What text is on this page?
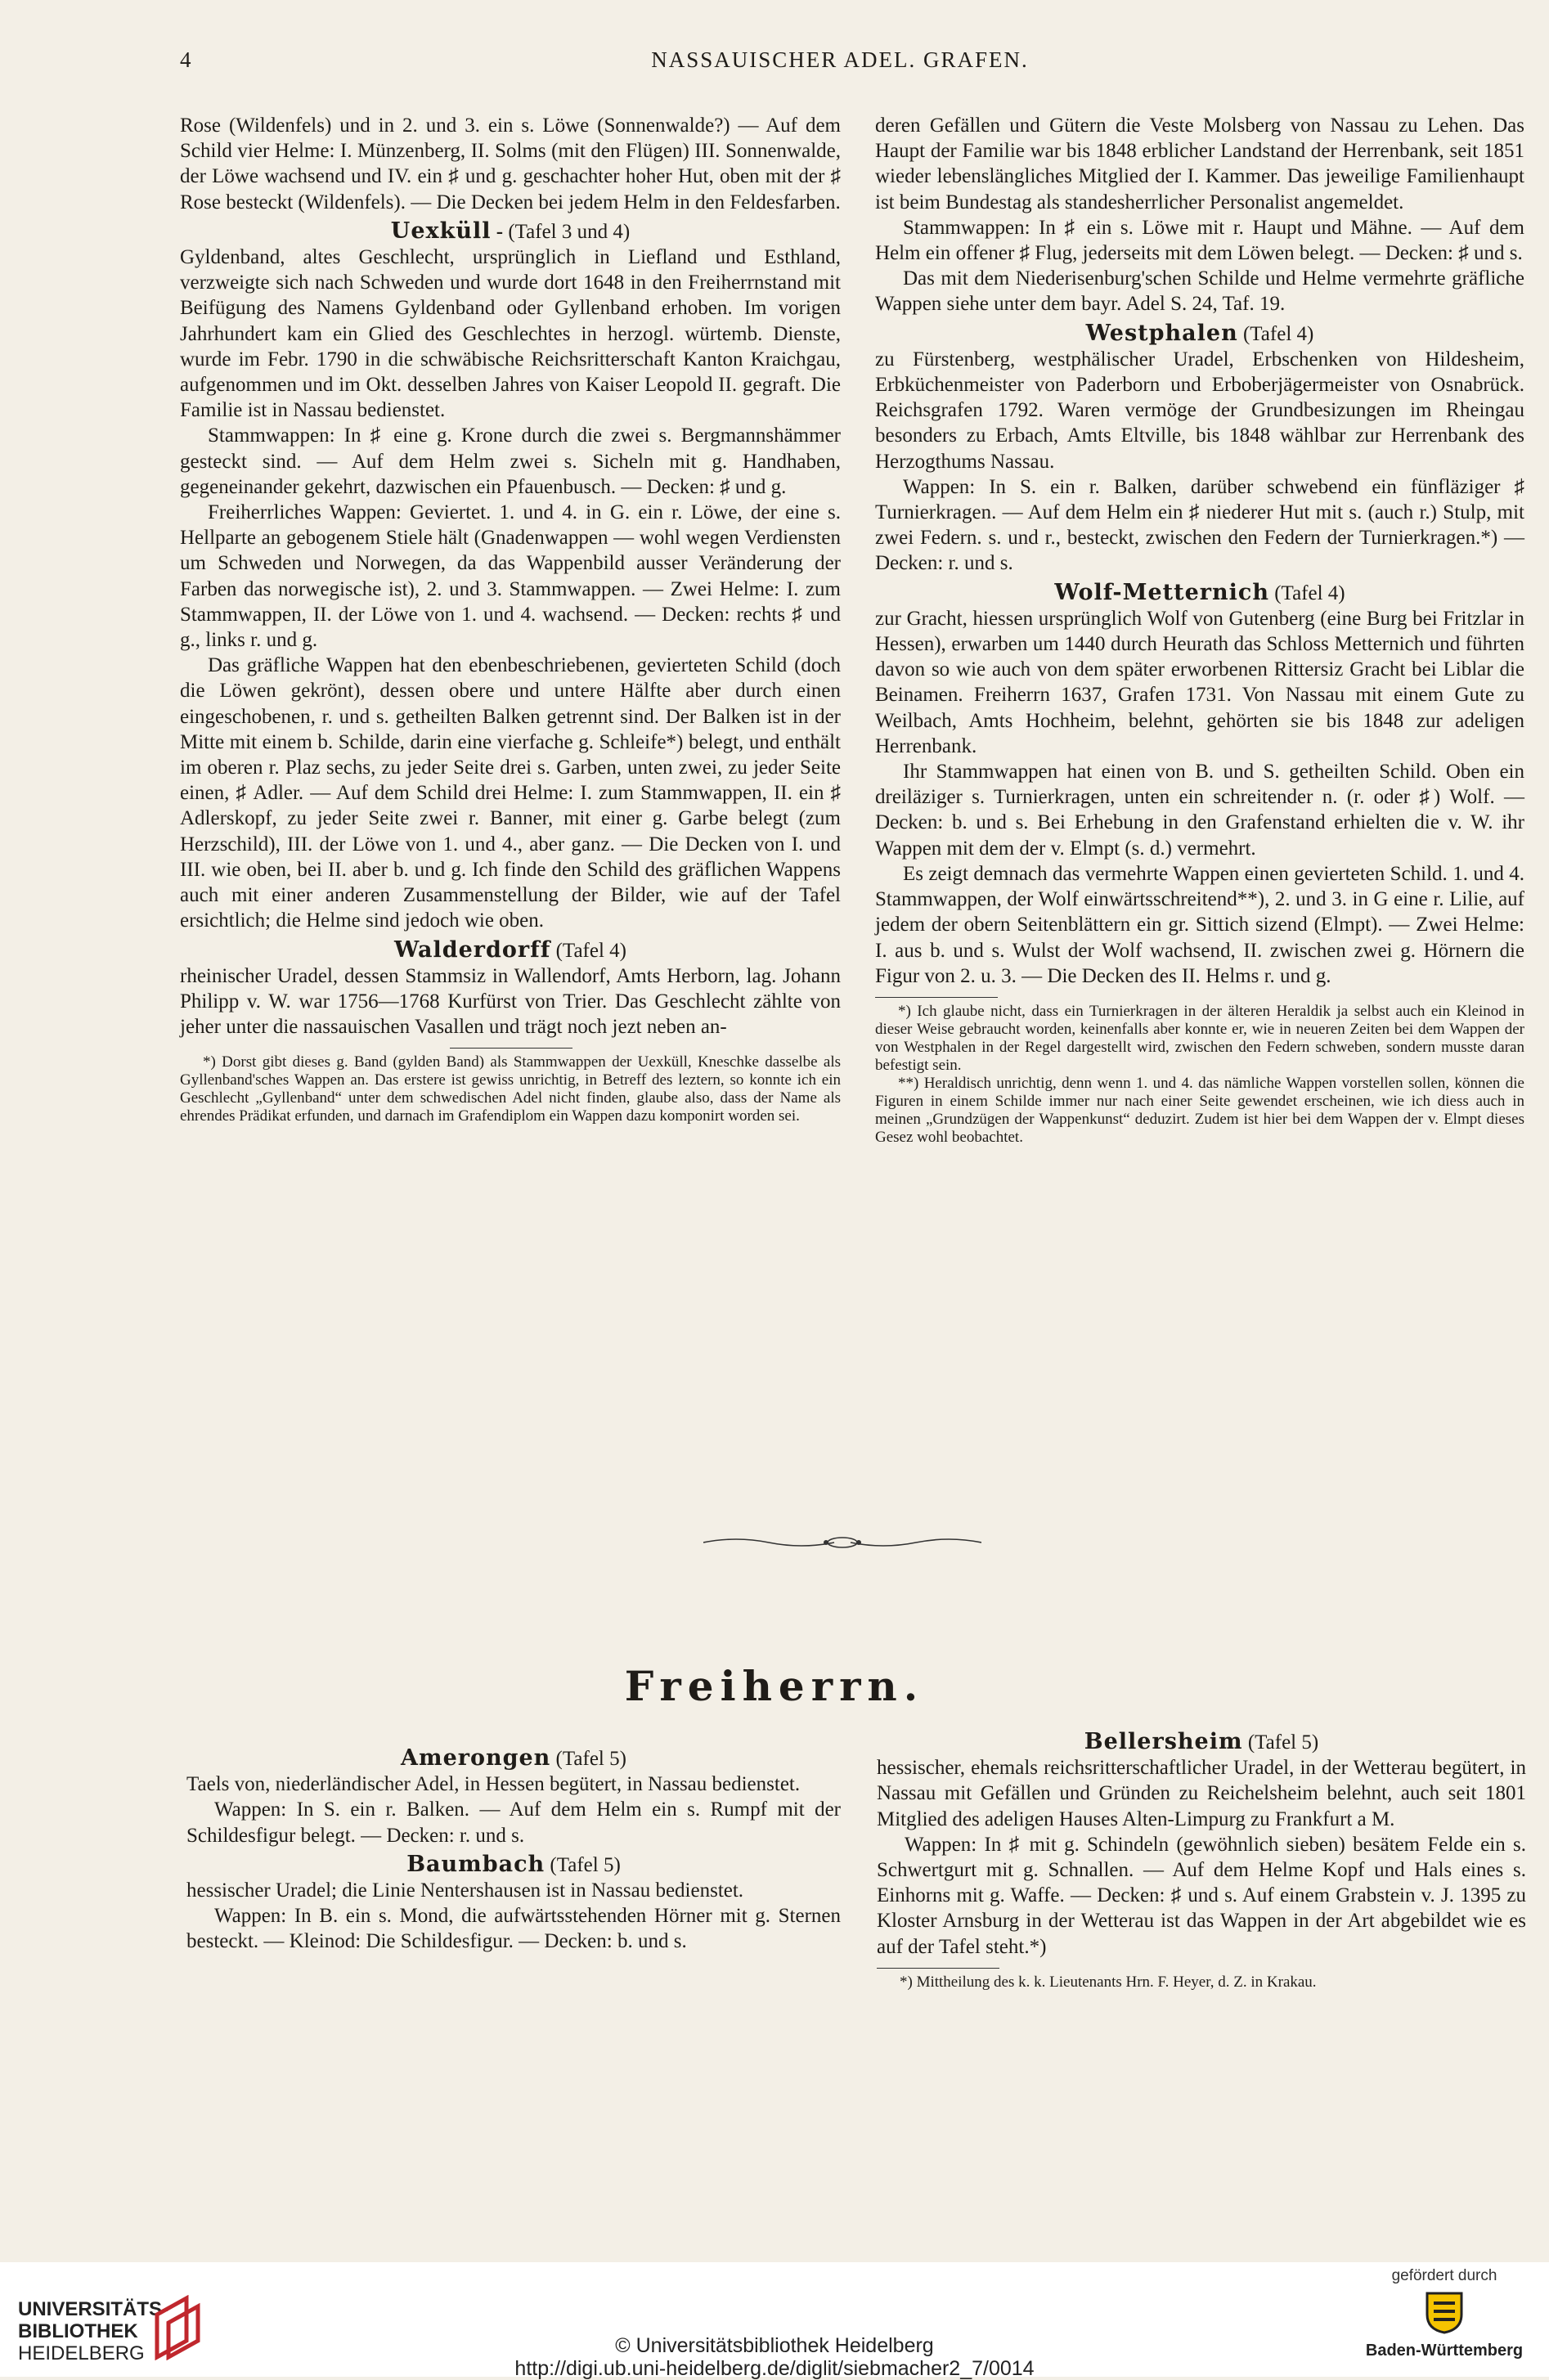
4	NASSAUISCHER ADEL. GRAFEN.

Rose (Wildenfels) und in 2. und 3. ein s. Löwe (Sonnenwalde?) — Auf dem Schild vier Helme: I. Münzenberg, II. Solms (mit den Flügen) III. Sonnenwalde, der Löwe wachsend und IV. ein ♯ und g. geschachter hoher Hut, oben mit der ♯ Rose besteckt (Wildenfels). — Die Decken bei jedem Helm in den Feldesfarben.

Uexküll - (Tafel 3 und 4)

Gyldenband, altes Geschlecht, ursprünglich in Liefland und Esthland, verzweigte sich nach Schweden und wurde dort 1648 in den Freiherrnstand mit Beifügung des Namens Gyldenband oder Gyllenband erhoben. Im vorigen Jahrhundert kam ein Glied des Geschlechtes in herzogl. würtemb. Dienste, wurde im Febr. 1790 in die schwäbische Reichsritterschaft Kanton Kraichgau, aufgenommen und im Okt. desselben Jahres von Kaiser Leopold II. gegraft. Die Familie ist in Nassau bedienstet.

Stammwappen: In ♯ eine g. Krone durch die zwei s. Bergmannshämmer gesteckt sind. — Auf dem Helm zwei s. Sicheln mit g. Handhaben, gegeneinander gekehrt, dazwischen ein Pfauenbusch. — Decken: ♯ und g.

Freiherrliches Wappen: Geviertet. 1. und 4. in G. ein r. Löwe, der eine s. Hellparte an gebogenem Stiele hält (Gnadenwappen — wohl wegen Verdiensten um Schweden und Norwegen, da das Wappenbild ausser Veränderung der Farben das norwegische ist), 2. und 3. Stammwappen. — Zwei Helme: I. zum Stammwappen, II. der Löwe von 1. und 4. wachsend. — Decken: rechts ♯ und g., links r. und g.

Das gräfliche Wappen hat den ebenbeschriebenen, gevierteten Schild (doch die Löwen gekrönt), dessen obere und untere Hälfte aber durch einen eingeschobenen, r. und s. getheilten Balken getrennt sind. Der Balken ist in der Mitte mit einem b. Schilde, darin eine vierfache g. Schleife*) belegt, und enthält im oberen r. Plaz sechs, zu jeder Seite drei s. Garben, unten zwei, zu jeder Seite einen, ♯ Adler. — Auf dem Schild drei Helme: I. zum Stammwappen, II. ein ♯ Adlerskopf, zu jeder Seite zwei r. Banner, mit einer g. Garbe belegt (zum Herzschild), III. der Löwe von 1. und 4., aber ganz. — Die Decken von I. und III. wie oben, bei II. aber b. und g. Ich finde den Schild des gräflichen Wappens auch mit einer anderen Zusammenstellung der Bilder, wie auf der Tafel ersichtlich; die Helme sind jedoch wie oben.

Walderdorff (Tafel 4)

rheinischer Uradel, dessen Stammsiz in Wallendorf, Amts Herborn, lag. Johann Philipp v. W. war 1756—1768 Kurfürst von Trier. Das Geschlecht zählte von jeher unter die nassauischen Vasallen und trägt noch jezt neben an-

*) Dorst gibt dieses g. Band (gylden Band) als Stammwappen der Uexküll, Kneschke dasselbe als Gyllenband'sches Wappen an. Das erstere ist gewiss unrichtig, in Betreff des leztern, so konnte ich ein Geschlecht „Gyllenband“ unter dem schwedischen Adel nicht finden, glaube also, dass der Name als ehrendes Prädikat erfunden, und darnach im Grafendiplom ein Wappen dazu komponirt worden sei.

deren Gefällen und Gütern die Veste Molsberg von Nassau zu Lehen. Das Haupt der Familie war bis 1848 erblicher Landstand der Herrenbank, seit 1851 wieder lebenslängliches Mitglied der I. Kammer. Das jeweilige Familienhaupt ist beim Bundestag als standesherrlicher Personalist angemeldet.

Stammwappen: In ♯ ein s. Löwe mit r. Haupt und Mähne. — Auf dem Helm ein offener ♯ Flug, jederseits mit dem Löwen belegt. — Decken: ♯ und s.

Das mit dem Niederisenburg'schen Schilde und Helme vermehrte gräfliche Wappen siehe unter dem bayr. Adel S. 24, Taf. 19.

Westphalen (Tafel 4)

zu Fürstenberg, westphälischer Uradel, Erbschenken von Hildesheim, Erbküchenmeister von Paderborn und Erboberjägermeister von Osnabrück. Reichsgrafen 1792. Waren vermöge der Grundbesizungen im Rheingau besonders zu Erbach, Amts Eltville, bis 1848 wählbar zur Herrenbank des Herzogthums Nassau.

Wappen: In S. ein r. Balken, darüber schwebend ein fünfläziger ♯ Turnierkragen. — Auf dem Helm ein ♯ niederer Hut mit s. (auch r.) Stulp, mit zwei Federn. s. und r., besteckt, zwischen den Federn der Turnierkragen.*) — Decken: r. und s.

Wolf-Metternich (Tafel 4)

zur Gracht, hiessen ursprünglich Wolf von Gutenberg (eine Burg bei Fritzlar in Hessen), erwarben um 1440 durch Heurath das Schloss Metternich und führten davon so wie auch von dem später erworbenen Rittersiz Gracht bei Liblar die Beinamen. Freiherrn 1637, Grafen 1731. Von Nassau mit einem Gute zu Weilbach, Amts Hochheim, belehnt, gehörten sie bis 1848 zur adeligen Herrenbank.

Ihr Stammwappen hat einen von B. und S. getheilten Schild. Oben ein dreiläziger s. Turnierkragen, unten ein schreitender n. (r. oder ♯) Wolf. — Decken: b. und s. Bei Erhebung in den Grafenstand erhielten die v. W. ihr Wappen mit dem der v. Elmpt (s. d.) vermehrt.

Es zeigt demnach das vermehrte Wappen einen gevierteten Schild. 1. und 4. Stammwappen, der Wolf einwärtsschreitend**), 2. und 3. in G eine r. Lilie, auf jedem der obern Seitenblättern ein gr. Sittich sizend (Elmpt). — Zwei Helme: I. aus b. und s. Wulst der Wolf wachsend, II. zwischen zwei g. Hörnern die Figur von 2. u. 3. — Die Decken des II. Helms r. und g.

*) Ich glaube nicht, dass ein Turnierkragen in der älteren Heraldik ja selbst auch ein Kleinod in dieser Weise gebraucht worden, keinenfalls aber konnte er, wie in neueren Zeiten bei dem Wappen der von Westphalen in der Regel dargestellt wird, zwischen den Federn schweben, sondern musste daran befestigt sein.

**) Heraldisch unrichtig, denn wenn 1. und 4. das nämliche Wappen vorstellen sollen, können die Figuren in einem Schilde immer nur nach einer Seite gewendet erscheinen, wie ich diess auch in meinen „Grundzügen der Wappenkunst“ deduzirt. Zudem ist hier bei dem Wappen der v. Elmpt dieses Gesez wohl beobachtet.

Freiherrn.

Amerongen (Tafel 5)

Taels von, niederländischer Adel, in Hessen begütert, in Nassau bedienstet.

Wappen: In S. ein r. Balken. — Auf dem Helm ein s. Rumpf mit der Schildesfigur belegt. — Decken: r. und s.

Baumbach (Tafel 5)

hessischer Uradel; die Linie Nentershausen ist in Nassau bedienstet.

Wappen: In B. ein s. Mond, die aufwärtsstehenden Hörner mit g. Sternen besteckt. — Kleinod: Die Schildesfigur. — Decken: b. und s.

Bellersheim (Tafel 5)

hessischer, ehemals reichsritterschaftlicher Uradel, in der Wetterau begütert, in Nassau mit Gefällen und Gründen zu Reichelsheim belehnt, auch seit 1801 Mitglied des adeligen Hauses Alten-Limpurg zu Frankfurt a M.

Wappen: In ♯ mit g. Schindeln (gewöhnlich sieben) besätem Felde ein s. Schwertgurt mit g. Schnallen. — Auf dem Helme Kopf und Hals eines s. Einhorns mit g. Waffe. — Decken: ♯ und s. Auf einem Grabstein v. J. 1395 zu Kloster Arnsburg in der Wetterau ist das Wappen in der Art abgebildet wie es auf der Tafel steht.*)

*) Mittheilung des k. k. Lieutenants Hrn. F. Heyer, d. Z. in Krakau.

UNIVERSITÄTS-
BIBLIOTHEK
HEIDELBERG	© Universitätsbibliothek Heidelberg
http://digi.ub.uni-heidelberg.de/diglit/siebmacher2_7/0014
gefördert durch
Baden-Württemberg
